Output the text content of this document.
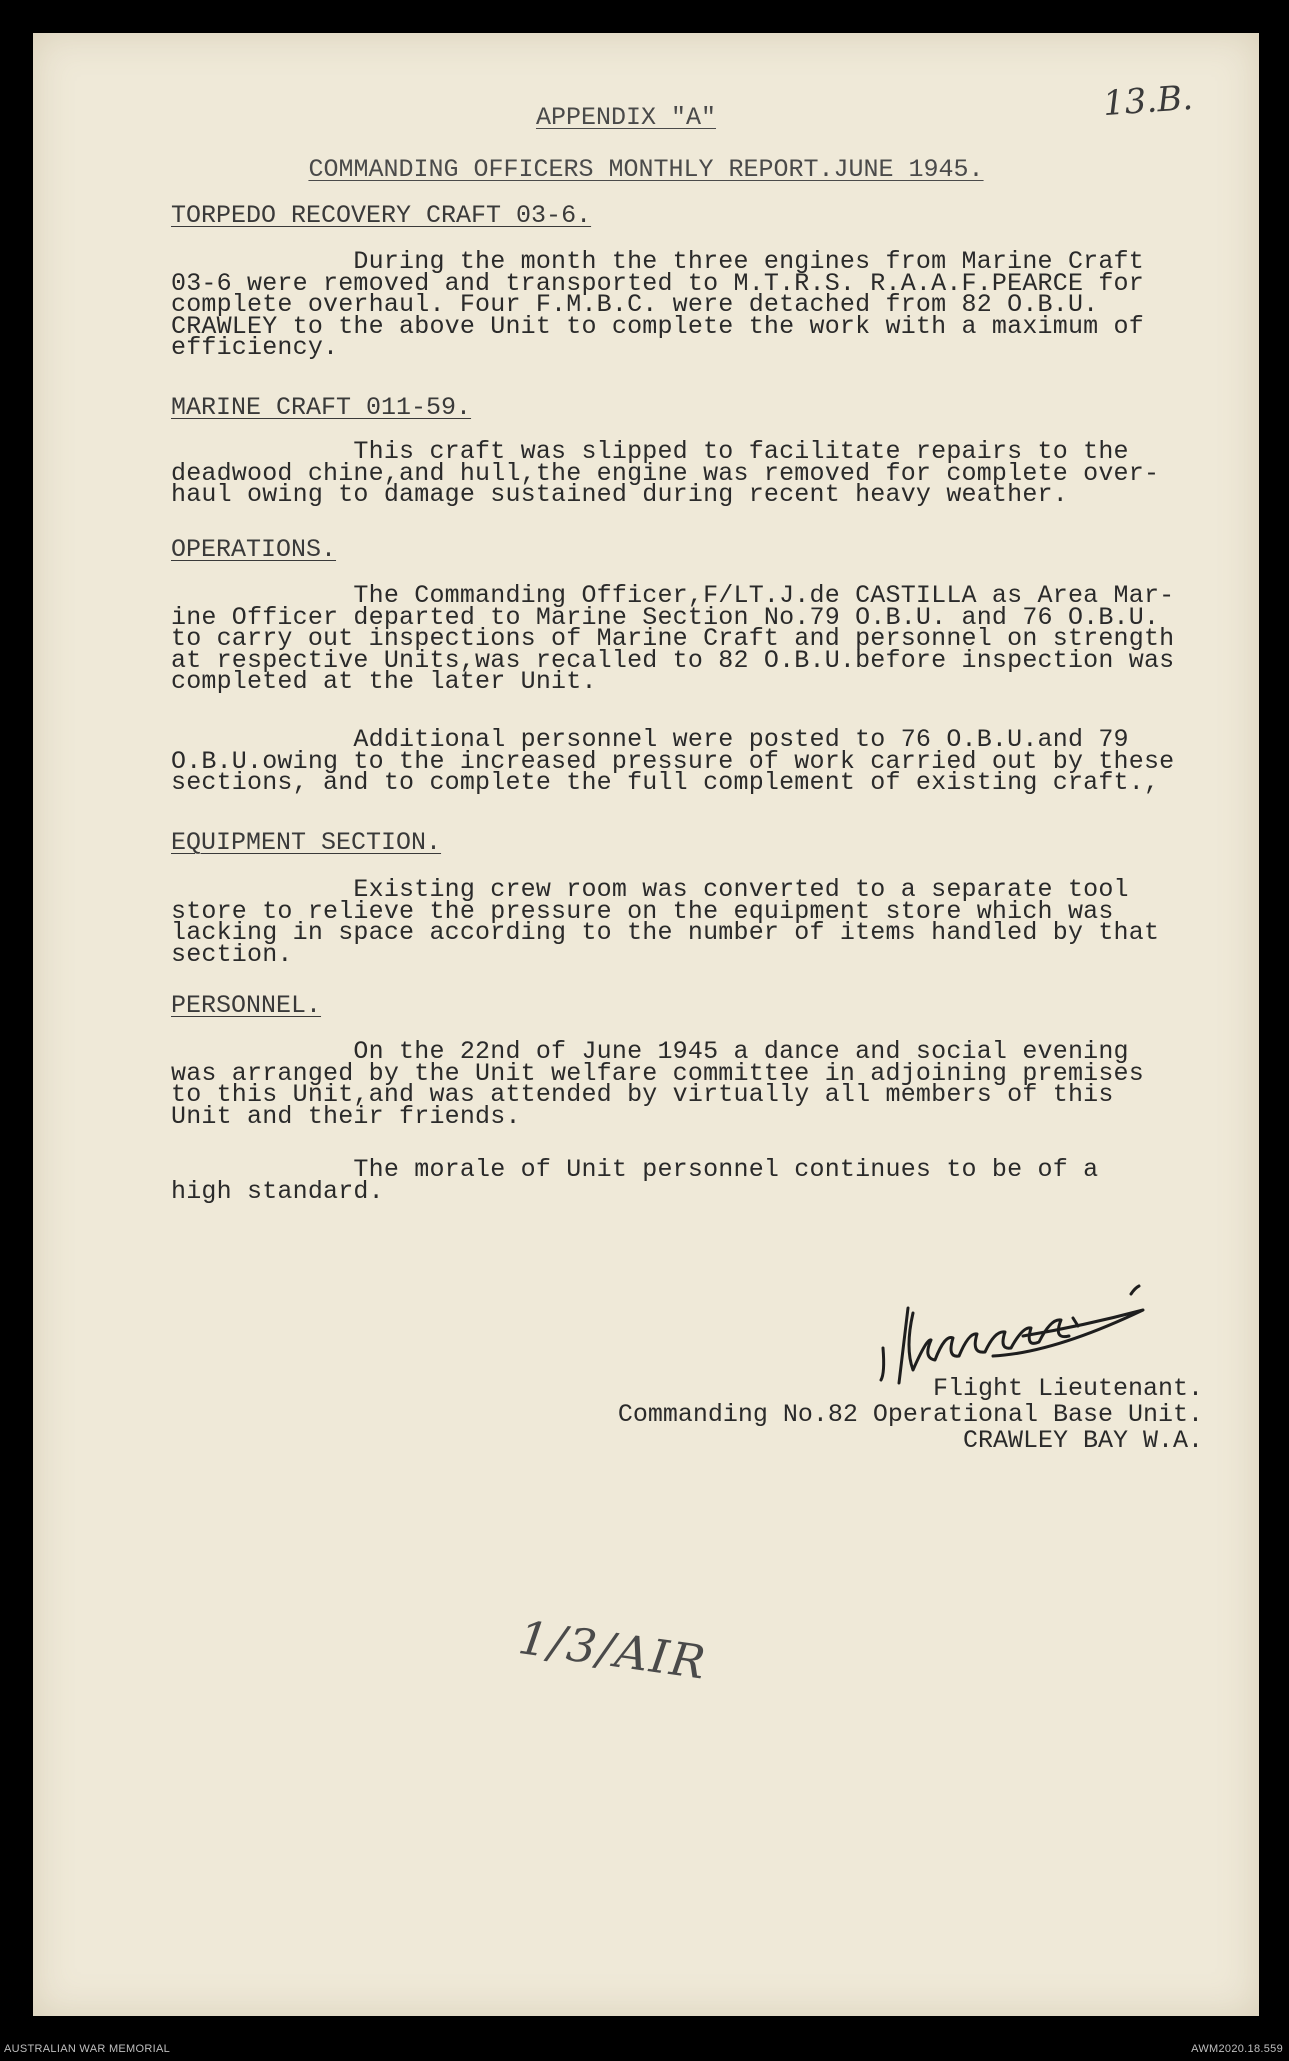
13.B.
APPENDIX "A"
COMMANDING OFFICERS MONTHLY REPORT.JUNE 1945.
TORPEDO RECOVERY CRAFT 03-6.
During the month the three engines from Marine Craft
03-6 were removed and transported to M.T.R.S. R.A.A.F.PEARCE for
complete overhaul. Four F.M.B.C. were detached from 82 O.B.U.
CRAWLEY to the above Unit to complete the work with a maximum of
efficiency.
MARINE CRAFT 011-59.
This craft was slipped to facilitate repairs to the
deadwood chine,and hull,the engine was removed for complete over-
haul owing to damage sustained during recent heavy weather.
OPERATIONS.
The Commanding Officer,F/LT.J.de CASTILLA as Area Mar-
ine Officer departed to Marine Section No.79 O.B.U. and 76 O.B.U.
to carry out inspections of Marine Craft and personnel on strength
at respective Units,was recalled to 82 O.B.U.before inspection was
completed at the later Unit.
Additional personnel were posted to 76 O.B.U.and 79
O.B.U.owing to the increased pressure of work carried out by these
sections, and to complete the full complement of existing craft.,
EQUIPMENT SECTION.
Existing crew room was converted to a separate tool
store to relieve the pressure on the equipment store which was
lacking in space according to the number of items handled by that
section.
PERSONNEL.
On the 22nd of June 1945 a dance and social evening
was arranged by the Unit welfare committee in adjoining premises
to this Unit,and was attended by virtually all members of this
Unit and their friends.
The morale of Unit personnel continues to be of a
high standard.
Flight Lieutenant.
Commanding No.82 Operational Base Unit.
CRAWLEY BAY W.A.
1/3/AIR
AUSTRALIAN WAR MEMORIAL	AWM2020.18.559
